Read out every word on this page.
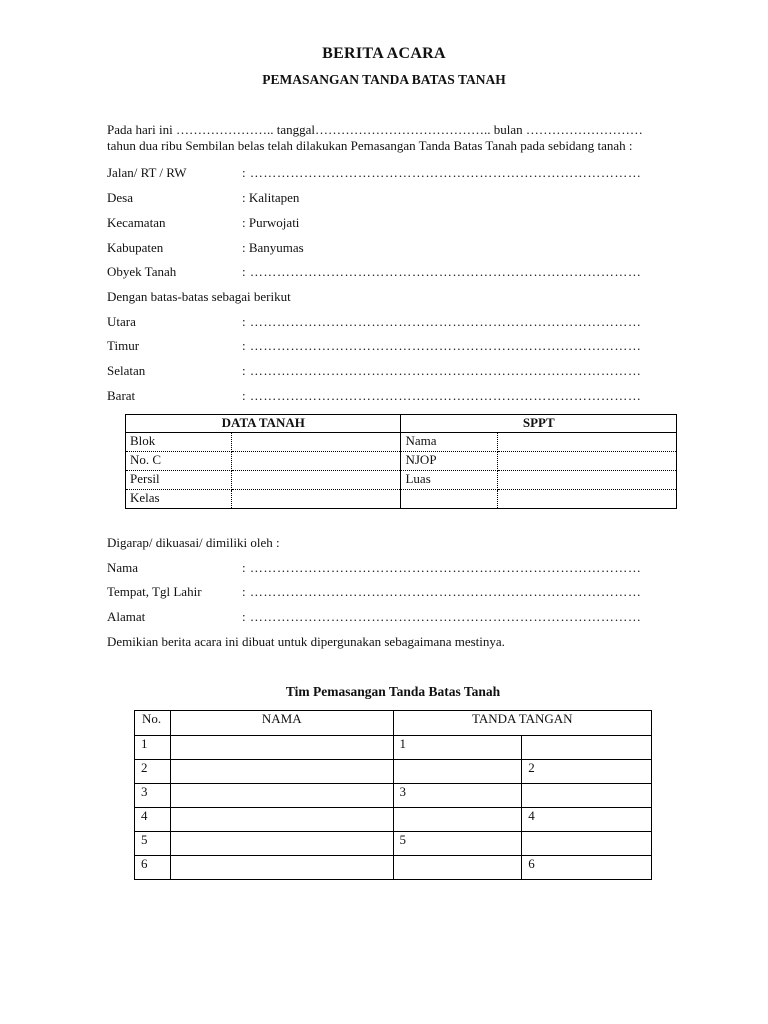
BERITA ACARA
PEMASANGAN TANDA BATAS TANAH
Pada hari ini ………………….. tanggal………………………………….. bulan ………………………
tahun dua ribu Sembilan belas telah dilakukan Pemasangan Tanda Batas Tanah pada sebidang tanah :
Jalan/ RT / RW	: ……………………………………………………………………………
Desa	: Kalitapen
Kecamatan	: Purwojati
Kabupaten	: Banyumas
Obyek Tanah	: ……………………………………………………………………………
Dengan batas-batas sebagai berikut
Utara	: ……………………………………………………………………………
Timur	: ……………………………………………………………………………
Selatan	: ……………………………………………………………………………
Barat	: ……………………………………………………………………………
DATA TANAH		SPPT	
Blok		Nama	
No. C		NJOP	
Persil		Luas	
Kelas			
Digarap/ dikuasai/ dimiliki oleh :
Nama	: ……………………………………………………………………………
Tempat, Tgl Lahir	: ……………………………………………………………………………
Alamat	: ……………………………………………………………………………
Demikian berita acara ini dibuat untuk dipergunakan sebagaimana mestinya.
Tim Pemasangan Tanda Batas Tanah
No.	NAMA	TANDA TANGAN	
1		1	
2			2
3		3	
4			4
5		5	
6			6
